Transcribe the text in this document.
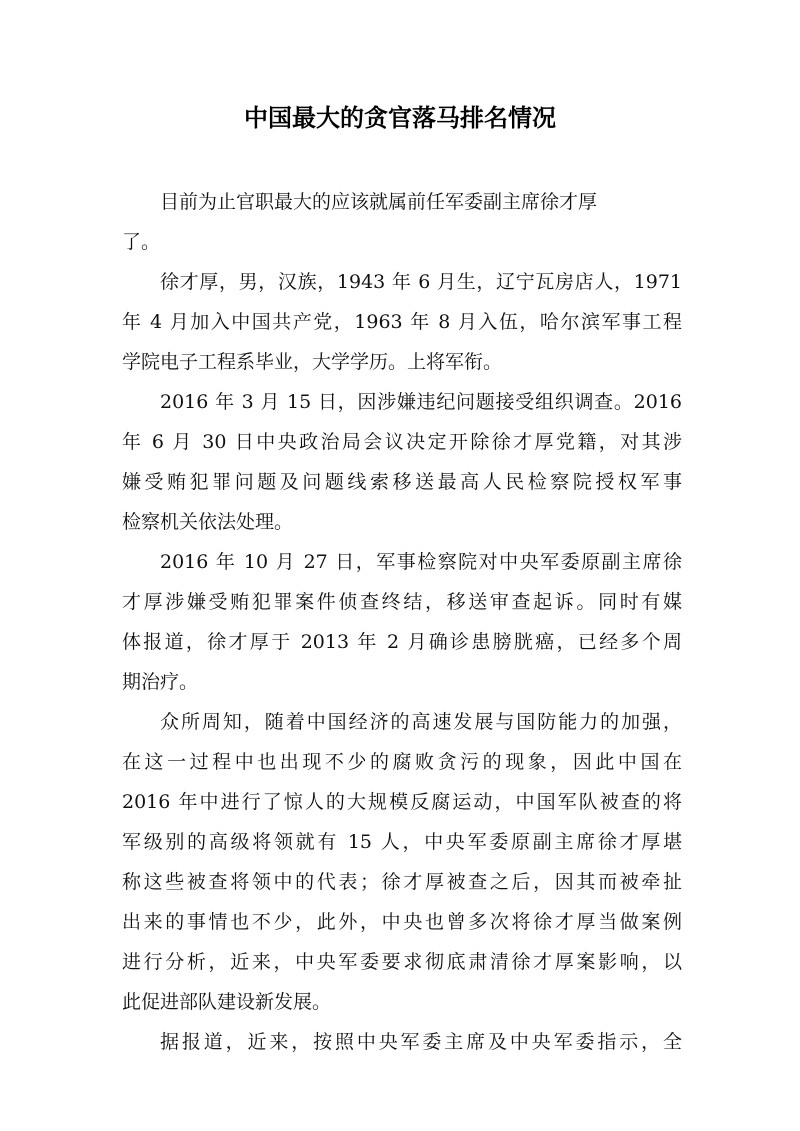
中国最大的贪官落马排名情况

目前为止官职最大的应该就属前任军委副主席徐才厚
了。

徐才厚，男，汉族，1943 年 6 月生，辽宁瓦房店人，1971
年 4 月加入中国共产党，1963 年 8 月入伍，哈尔滨军事工程
学院电子工程系毕业，大学学历。上将军衔。

2016 年 3 月 15 日，因涉嫌违纪问题接受组织调查。2016
年 6 月 30 日中央政治局会议决定开除徐才厚党籍，对其涉
嫌受贿犯罪问题及问题线索移送最高人民检察院授权军事
检察机关依法处理。

2016 年 10 月 27 日，军事检察院对中央军委原副主席徐
才厚涉嫌受贿犯罪案件侦查终结，移送审查起诉。同时有媒
体报道，徐才厚于 2013 年 2 月确诊患膀胱癌，已经多个周
期治疗。

众所周知，随着中国经济的高速发展与国防能力的加强，
在这一过程中也出现不少的腐败贪污的现象，因此中国在
2016 年中进行了惊人的大规模反腐运动，中国军队被查的将
军级别的高级将领就有 15 人，中央军委原副主席徐才厚堪
称这些被查将领中的代表；徐才厚被查之后，因其而被牵扯
出来的事情也不少，此外，中央也曾多次将徐才厚当做案例
进行分析，近来，中央军委要求彻底肃清徐才厚案影响，以
此促进部队建设新发展。

据报道，近来，按照中央军委主席及中央军委指示，全
